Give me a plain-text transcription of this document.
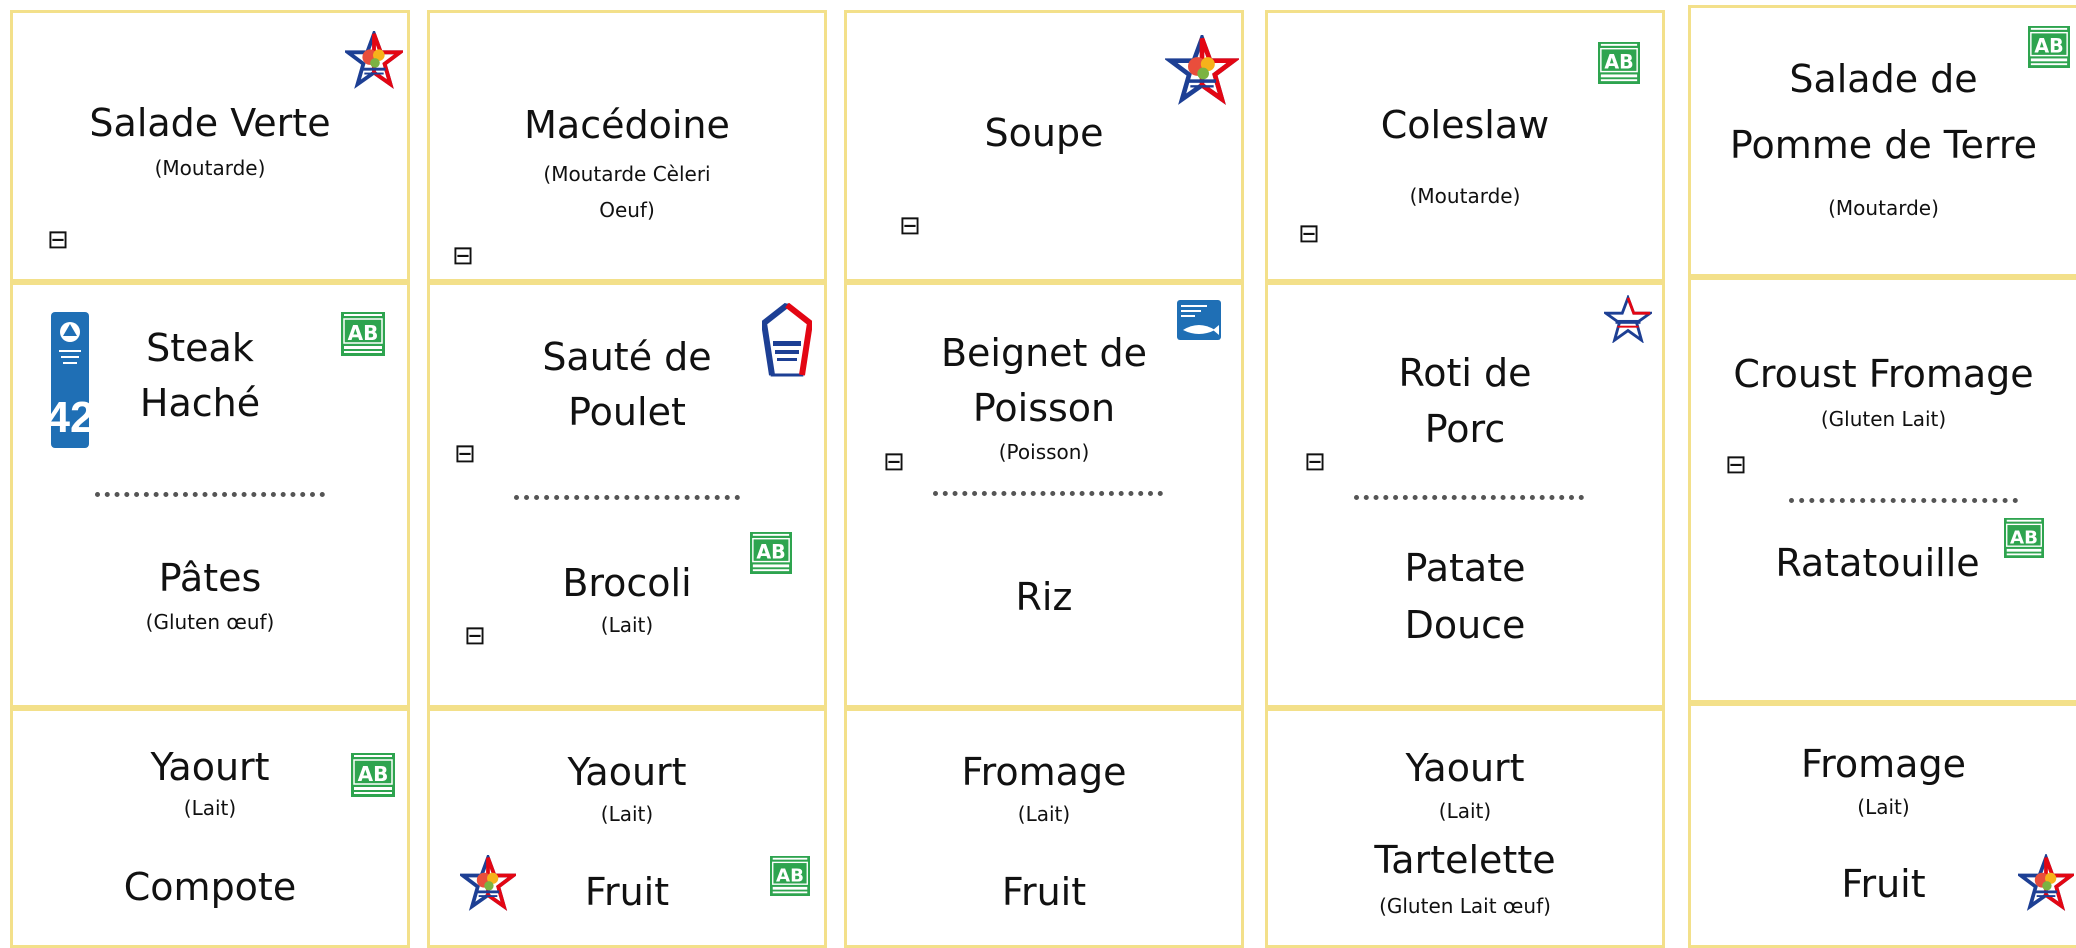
Salade Verte
(Moutarde)
⊟
42
Steak
Haché
Pâtes
(Gluten œuf)
Yaourt
(Lait)
Compote
Macédoine
(Moutarde Cèleri
Oeuf)
⊟
Sauté de
Poulet
⊟
Brocoli
(Lait)
⊟
Yaourt
(Lait)
Fruit
Soupe
⊟
Beignet de
Poisson
(Poisson)
⊟
Riz
Fromage
(Lait)
Fruit
Coleslaw
(Moutarde)
⊟
Roti de
Porc
⊟
Patate
Douce
Yaourt
(Lait)
Tartelette
(Gluten Lait œuf)
Salade de
Pomme de Terre
(Moutarde)
Croust Fromage
(Gluten Lait)
⊟
Ratatouille
Fromage
(Lait)
Fruit
